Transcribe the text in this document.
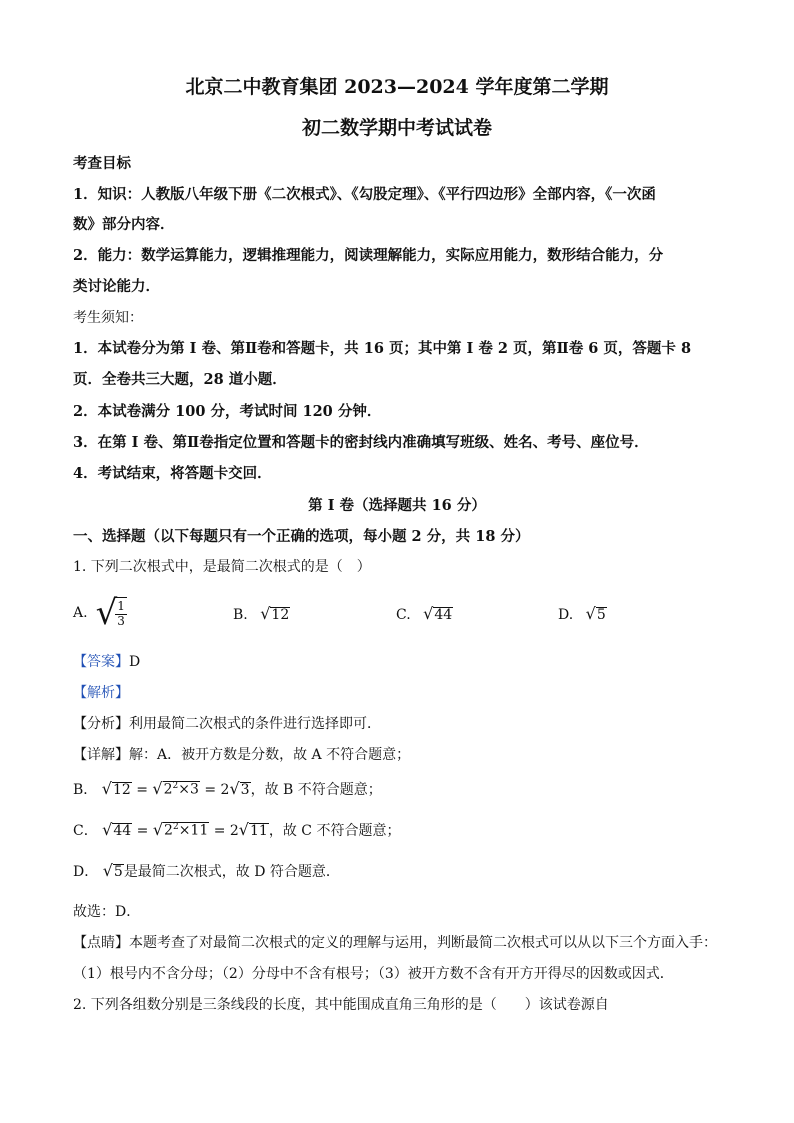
北京二中教育集团 2023—2024 学年度第二学期
初二数学期中考试试卷
考查目标
1．知识：人教版八年级下册《二次根式》、《勾股定理》、《平行四边形》全部内容，《一次函
数》部分内容．
2．能力：数学运算能力，逻辑推理能力，阅读理解能力，实际应用能力，数形结合能力，分
类讨论能力．
考生须知：
1．本试卷分为第 I 卷、第Ⅱ卷和答题卡，共 16 页；其中第 I 卷 2 页，第Ⅱ卷 6 页，答题卡 8
页．全卷共三大题，28 道小题．
2．本试卷满分 100 分，考试时间 120 分钟．
3．在第 I 卷、第Ⅱ卷指定位置和答题卡的密封线内准确填写班级、姓名、考号、座位号．
4．考试结束，将答题卡交回．
第 I 卷（选择题共 16 分）
一、选择题（以下每题只有一个正确的选项，每小题 2 分，共 18 分）
1. 下列二次根式中，是最简二次根式的是（　）
A. √
$\frac{1}{3}$	B. √12	C. √44	D. √5
【答案】D
【解析】
【分析】利用最简二次根式的条件进行选择即可．
【详解】解：A．被开方数是分数，故 A 不符合题意；
B． $√12 = √2^2\times 3 = 2√3$，故 B 不符合题意；
C． $√44 = √2^2\times 11 = 2√11$，故 C 不符合题意；
D． √5是最简二次根式，故 D 符合题意．
故选：D．
【点睛】本题考查了对最简二次根式的定义的理解与运用，判断最简二次根式可以从以下三个方面入手：
（1）根号内不含分母；（2）分母中不含有根号；（3）被开方数不含有开方开得尽的因数或因式．
2. 下列各组数分别是三条线段的长度，其中能围成直角三角形的是（　　）该试卷源自
